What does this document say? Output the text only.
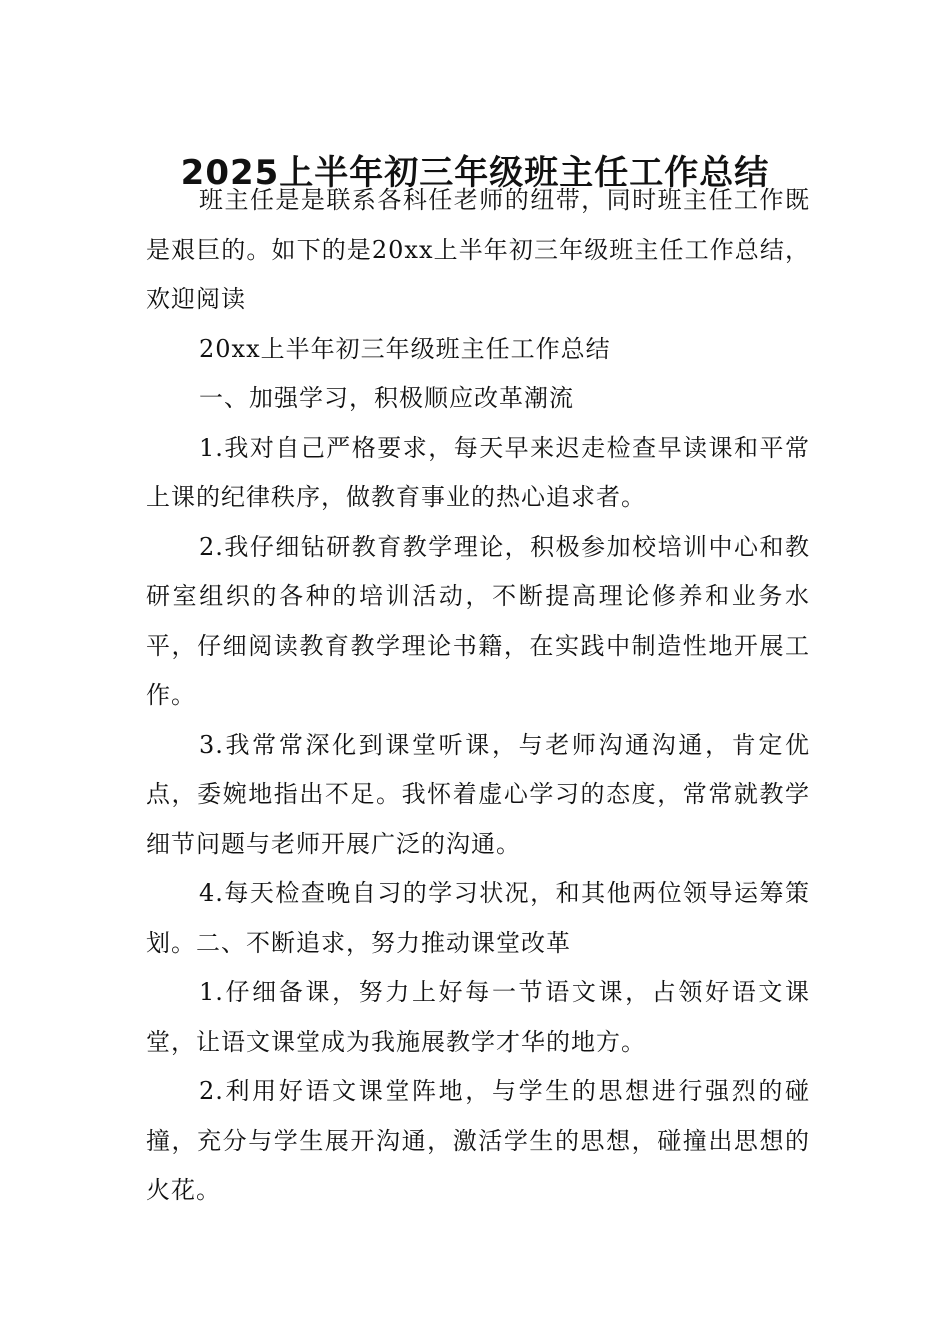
2025上半年初三年级班主任工作总结

班主任是是联系各科任老师的纽带，同时班主任工作既是艰巨的。如下的是20xx上半年初三年级班主任工作总结，欢迎阅读

20xx上半年初三年级班主任工作总结

一、加强学习，积极顺应改革潮流

1.我对自己严格要求，每天早来迟走检查早读课和平常上课的纪律秩序，做教育事业的热心追求者。

2.我仔细钻研教育教学理论，积极参加校培训中心和教研室组织的各种的培训活动，不断提高理论修养和业务水平，仔细阅读教育教学理论书籍，在实践中制造性地开展工作。

3.我常常深化到课堂听课，与老师沟通沟通，肯定优点，委婉地指出不足。我怀着虚心学习的态度，常常就教学细节问题与老师开展广泛的沟通。

4.每天检查晚自习的学习状况，和其他两位领导运筹策划。二、不断追求，努力推动课堂改革

1.仔细备课，努力上好每一节语文课，占领好语文课堂，让语文课堂成为我施展教学才华的地方。

2.利用好语文课堂阵地，与学生的思想进行强烈的碰撞，充分与学生展开沟通，激活学生的思想，碰撞出思想的火花。
